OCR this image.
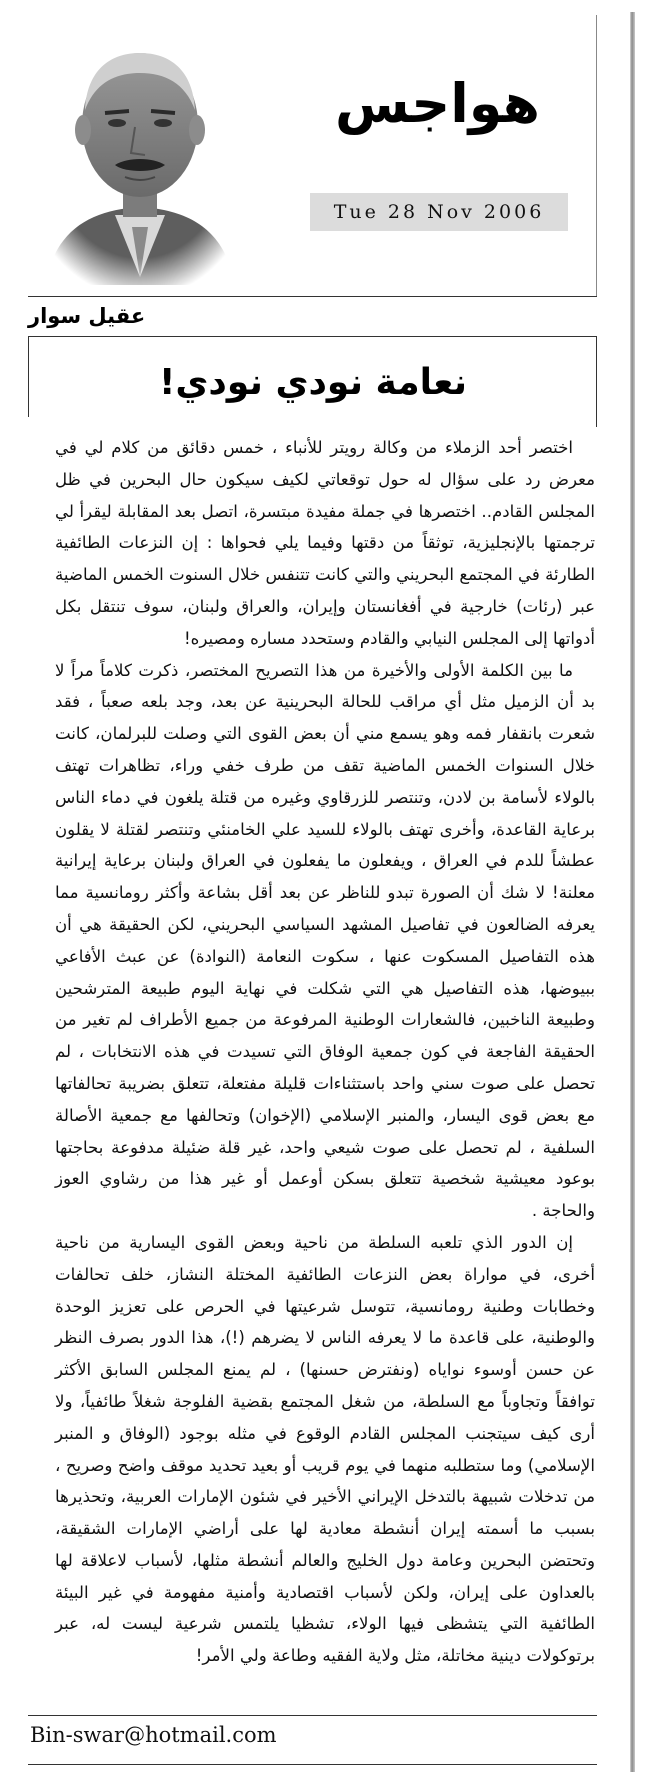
هواجس
Tue 28 Nov 2006
عقيل سوار
نعامة نودي نودي!

اختصر أحد الزملاء من وكالة رويتر للأنباء ، خمس دقائق من كلام لي في معرض رد على سؤال له حول توقعاتي لكيف سيكون حال البحرين في ظل المجلس القادم.. اختصرها في جملة مفيدة مبتسرة، اتصل بعد المقابلة ليقرأ لي ترجمتها بالإنجليزية، توثقاً من دقتها وفيما يلي فحواها : إن النزعات الطائفية الطارئة في المجتمع البحريني والتي كانت تتنفس خلال السنوت الخمس الماضية عبر (رئات) خارجية في أفغانستان وإيران، والعراق ولبنان، سوف تنتقل بكل أدواتها إلى المجلس النيابي والقادم وستحدد مساره ومصيره!

ما بين الكلمة الأولى والأخيرة من هذا التصريح المختصر، ذكرت كلاماً مراً لا بد أن الزميل مثل أي مراقب للحالة البحرينية عن بعد، وجد بلعه صعباً ، فقد شعرت بانقفار فمه وهو يسمع مني أن بعض القوى التي وصلت للبرلمان، كانت خلال السنوات الخمس الماضية تقف من طرف خفي وراء، تظاهرات تهتف بالولاء لأسامة بن لادن، وتنتصر للزرقاوي وغيره من قتلة يلغون في دماء الناس برعاية القاعدة، وأخرى تهتف بالولاء للسيد علي الخامنئي وتنتصر لقتلة لا يقلون عطشاً للدم في العراق ، ويفعلون ما يفعلون في العراق ولبنان برعاية إيرانية معلنة! لا شك أن الصورة تبدو للناظر عن بعد أقل بشاعة وأكثر رومانسية مما يعرفه الضالعون في تفاصيل المشهد السياسي البحريني، لكن الحقيقة هي أن هذه التفاصيل المسكوت عنها ، سكوت النعامة (النوادة) عن عبث الأفاعي ببيوضها، هذه التفاصيل هي التي شكلت في نهاية اليوم طبيعة المترشحين وطبيعة الناخبين، فالشعارات الوطنية المرفوعة من جميع الأطراف لم تغير من الحقيقة الفاجعة في كون جمعية الوفاق التي تسيدت في هذه الانتخابات ، لم تحصل على صوت سني واحد باستثناءات قليلة مفتعلة، تتعلق بضريبة تحالفاتها مع بعض قوى اليسار، والمنبر الإسلامي (الإخوان) وتحالفها مع جمعية الأصالة السلفية ، لم تحصل على صوت شيعي واحد، غير قلة ضئيلة مدفوعة بحاجتها بوعود معيشية شخصية تتعلق بسكن أوعمل أو غير هذا من رشاوي العوز والحاجة .

إن الدور الذي تلعبه السلطة من ناحية وبعض القوى اليسارية من ناحية أخرى، في مواراة بعض النزعات الطائفية المختلة النشاز، خلف تحالفات وخطابات وطنية رومانسية، تتوسل شرعيتها في الحرص على تعزيز الوحدة والوطنية، على قاعدة ما لا يعرفه الناس لا يضرهم (!)، هذا الدور بصرف النظر عن حسن أوسوء نواياه (ونفترض حسنها) ، لم يمنع المجلس السابق الأكثر توافقاً وتجاوباً مع السلطة، من شغل المجتمع بقضية الفلوجة شغلاً طائفياً، ولا أرى كيف سيتجنب المجلس القادم الوقوع في مثله بوجود (الوفاق و المنبر الإسلامي) وما ستطلبه منهما في يوم قريب أو بعيد تحديد موقف واضح وصريح ، من تدخلات شبيهة بالتدخل الإيراني الأخير في شئون الإمارات العربية، وتحذيرها بسبب ما أسمته إيران أنشطة معادية لها على أراضي الإمارات الشقيقة، وتحتضن البحرين وعامة دول الخليج والعالم أنشطة مثلها، لأسباب لاعلاقة لها بالعداون على إيران، ولكن لأسباب اقتصادية وأمنية مفهومة في غير البيئة الطائفية التي يتشظى فيها الولاء، تشظيا يلتمس شرعية ليست له، عبر برتوكولات دينية مخاتلة، مثل ولاية الفقيه وطاعة ولي الأمر!

Bin-swar@hotmail.com
